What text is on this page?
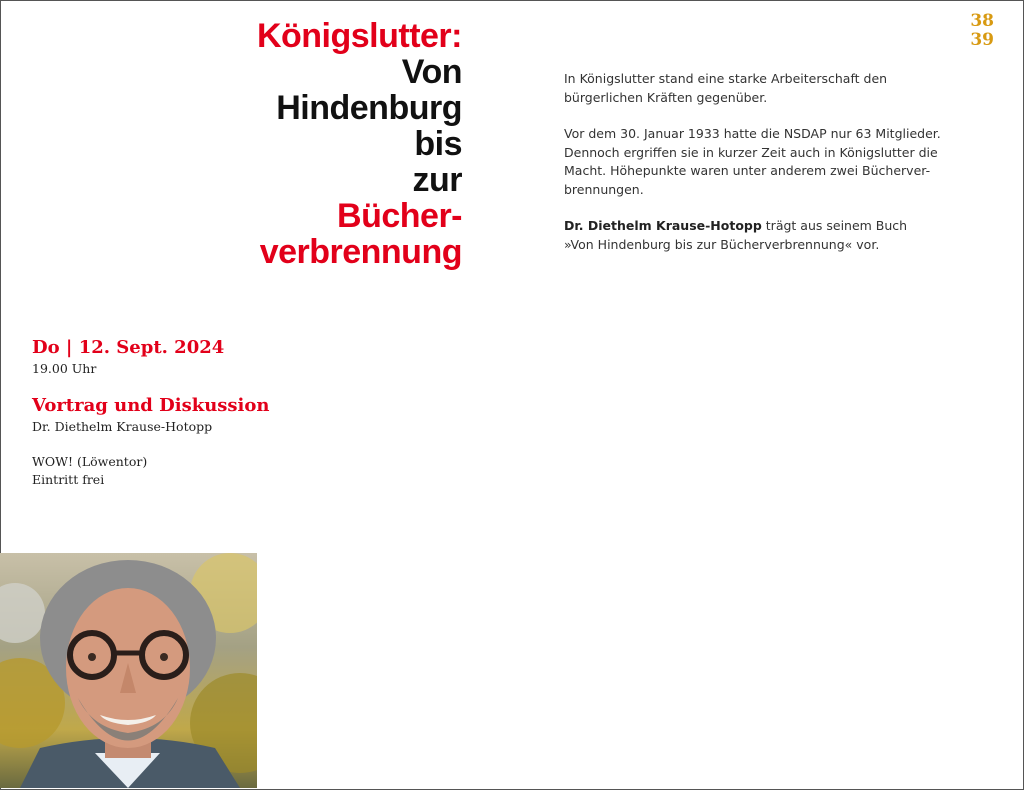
38
39
Königslutter:
Von
Hindenburg
bis
zur
Bücher-
verbrennung

In Königslutter stand eine starke Arbeiterschaft den
bürgerlichen Kräften gegenüber.

Vor dem 30. Januar 1933 hatte die NSDAP nur 63 Mitglieder.
Dennoch ergriffen sie in kurzer Zeit auch in Königslutter die
Macht. Höhepunkte waren unter anderem zwei Bücherver-
brennungen.

Dr. Diethelm Krause-Hotopp trägt aus seinem Buch
»Von Hindenburg bis zur Bücherverbrennung« vor.

Do | 12. Sept. 2024
19.00 Uhr
Vortrag und Diskussion
Dr. Diethelm Krause-Hotopp
WOW! (Löwentor)
Eintritt frei
